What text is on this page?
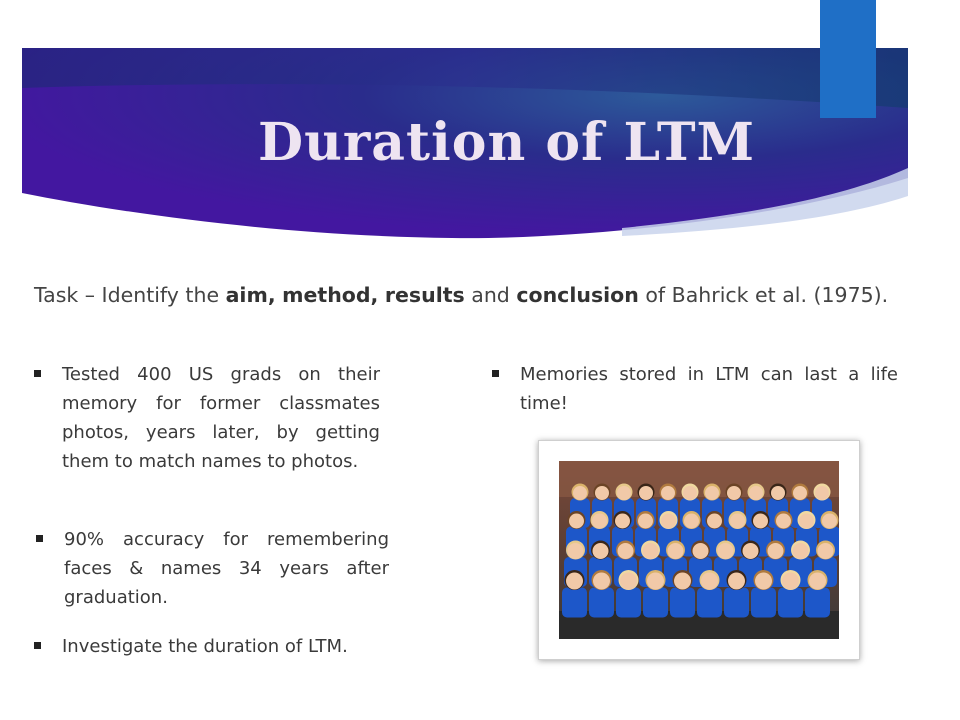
Duration of LTM
Task – Identify the aim, method, results and conclusion of Bahrick et al. (1975).
Tested 400 US grads on their memory for former classmates photos, years later, by getting them to match names to photos.
90% accuracy for remembering faces & names 34 years after graduation.
Investigate the duration of LTM.
Memories stored in LTM can last a life time!
